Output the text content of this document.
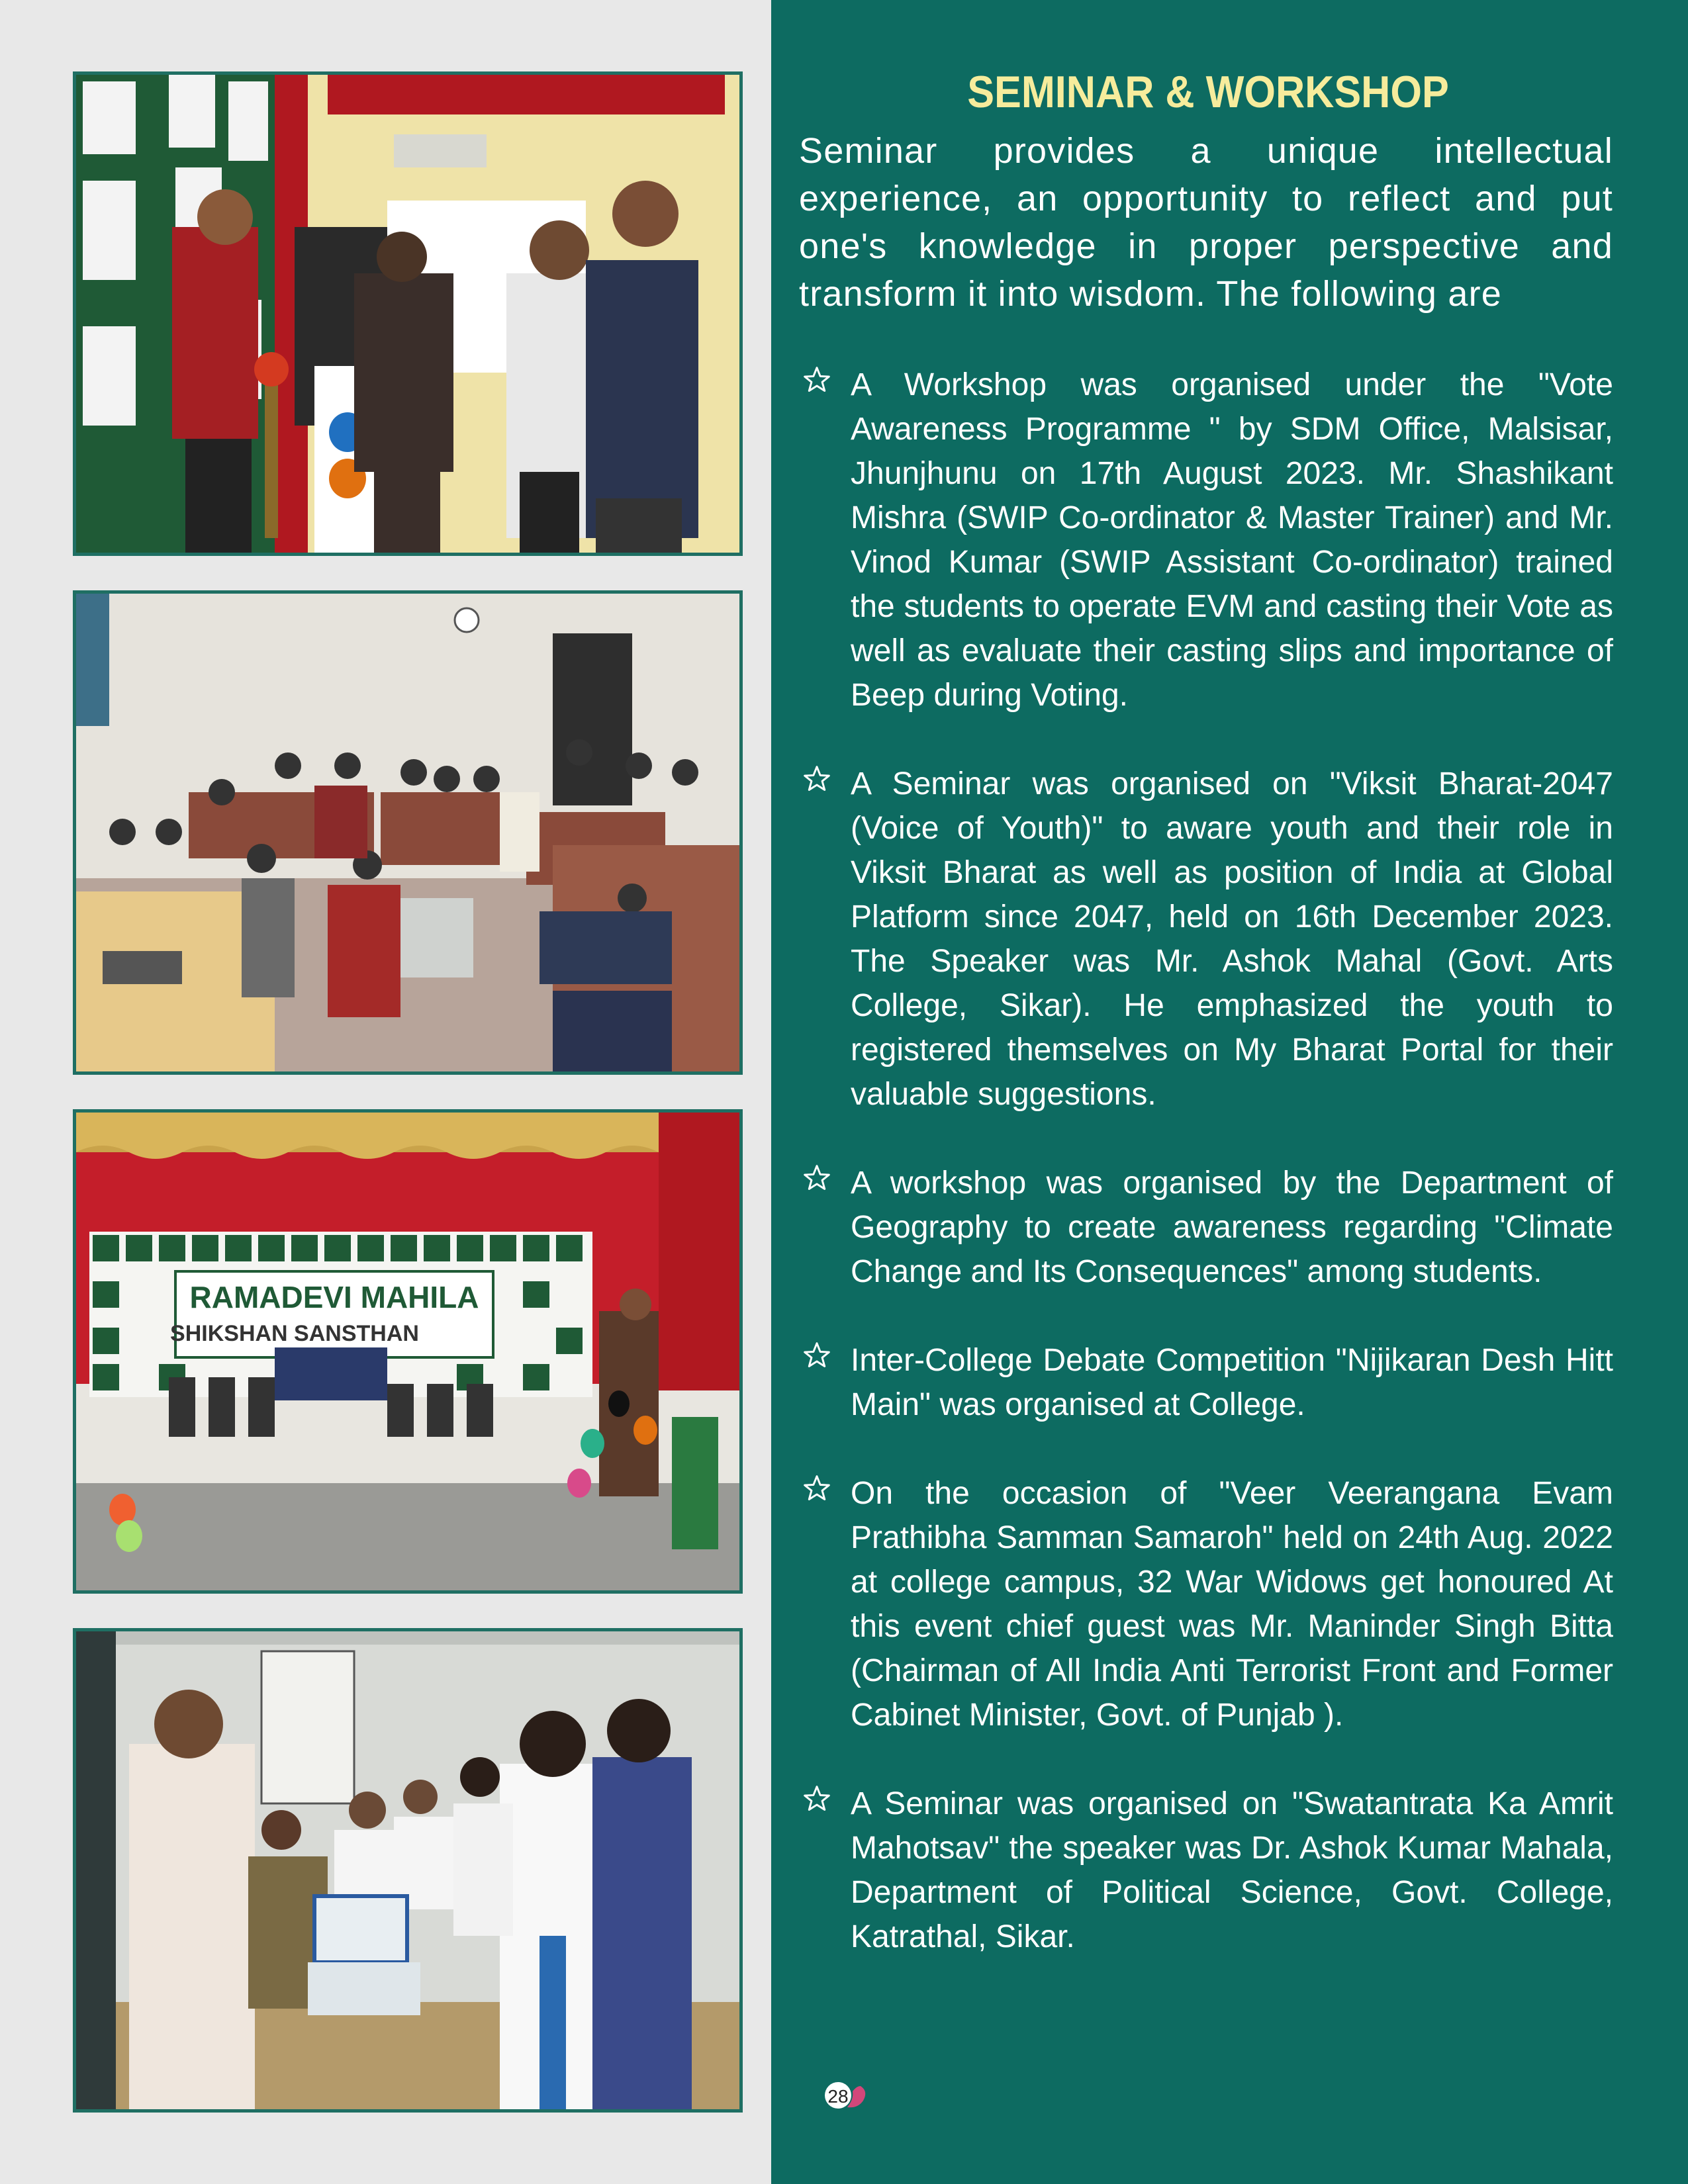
RAMADEVI MAHILA
SHIKSHAN SANSTHAN
SEMINAR & WORKSHOP
Seminar provides a unique intellectual experience, an opportunity to reflect and put one's knowledge in proper perspective and transform it into wisdom. The following are
A Workshop was organised under the "Vote Awareness Programme " by SDM Office, Malsisar, Jhunjhunu on 17th August 2023. Mr. Shashikant Mishra (SWIP Co-ordinator & Master Trainer) and Mr. Vinod Kumar (SWIP Assistant Co-ordinator) trained the students to operate EVM and casting their Vote as well as evaluate their casting slips and importance of Beep during Voting.
A Seminar was organised on "Viksit Bharat-2047 (Voice of Youth)" to aware youth and their role in Viksit Bharat as well as position of India at Global Platform since 2047, held on 16th December 2023. The Speaker was Mr. Ashok Mahal (Govt. Arts College, Sikar). He emphasized the youth to registered themselves on My Bharat Portal for their valuable suggestions.
A workshop was organised by the Department of Geography to create awareness regarding "Climate Change and Its Consequences" among students.
Inter-College Debate Competition "Nijikaran Desh Hitt Main" was organised at College.
On the occasion of "Veer Veerangana Evam Prathibha Samman Samaroh" held on 24th Aug. 2022 at college campus, 32 War Widows get honoured At this event chief guest was Mr. Maninder Singh Bitta (Chairman of All India Anti Terrorist Front and Former Cabinet Minister, Govt. of Punjab ).
A Seminar was organised on "Swatantrata Ka Amrit Mahotsav" the speaker was Dr. Ashok Kumar Mahala, Department of Political Science, Govt. College, Katrathal, Sikar.
28
